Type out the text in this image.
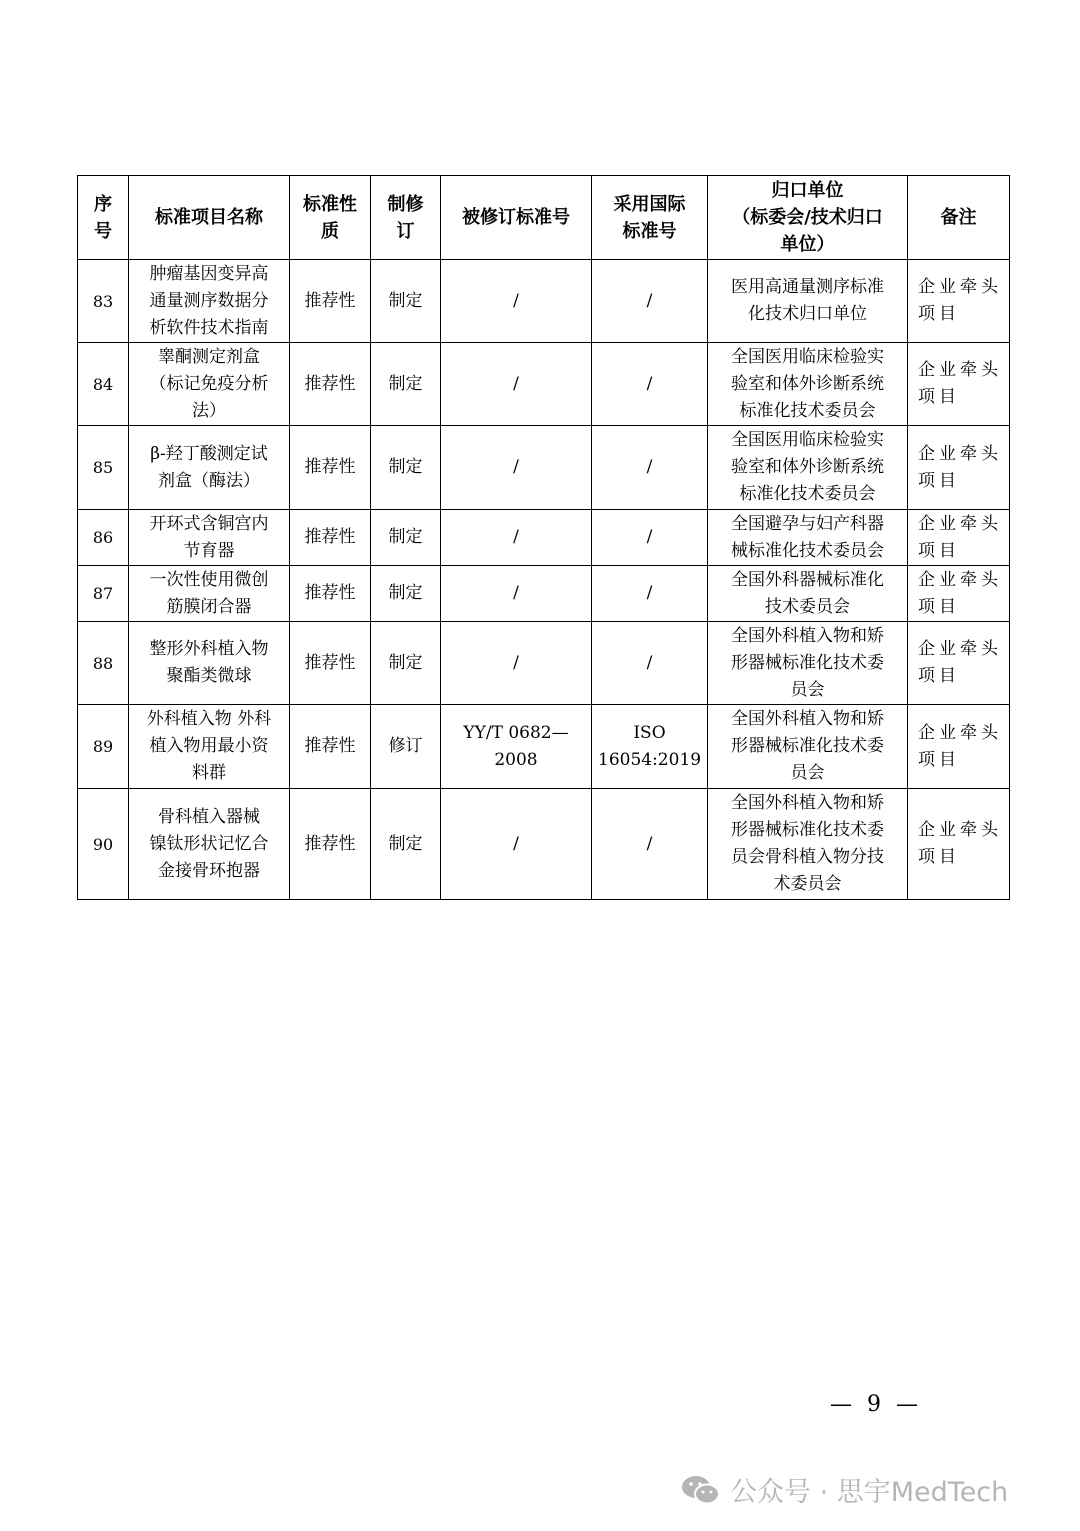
序
号	标准项目名称	标准性
质	制修
订	被修订标准号	采用国际
标准号	归口单位
（标委会/技术归口
单位）	备注
83	肿瘤基因变异高
通量测序数据分
析软件技术指南	推荐性	制定	/	/	医用高通量测序标准
化技术归口单位	企业牵头
项目
84	睾酮测定剂盒
（标记免疫分析
法）	推荐性	制定	/	/	全国医用临床检验实
验室和体外诊断系统
标准化技术委员会	企业牵头
项目
85	β-羟丁酸测定试
剂盒（酶法）	推荐性	制定	/	/	全国医用临床检验实
验室和体外诊断系统
标准化技术委员会	企业牵头
项目
86	开环式含铜宫内
节育器	推荐性	制定	/	/	全国避孕与妇产科器
械标准化技术委员会	企业牵头
项目
87	一次性使用微创
筋膜闭合器	推荐性	制定	/	/	全国外科器械标准化
技术委员会	企业牵头
项目
88	整形外科植入物
聚酯类微球	推荐性	制定	/	/	全国外科植入物和矫
形器械标准化技术委
员会	企业牵头
项目
89	外科植入物 外科
植入物用最小资
料群	推荐性	修订	YY/T 0682—
2008	ISO
16054:2019	全国外科植入物和矫
形器械标准化技术委
员会	企业牵头
项目
90	骨科植入器械
镍钛形状记忆合
金接骨环抱器	推荐性	制定	/	/	全国外科植入物和矫
形器械标准化技术委
员会骨科植入物分技
术委员会	企业牵头
项目
— 9 —
公众号 · 思宇MedTech
